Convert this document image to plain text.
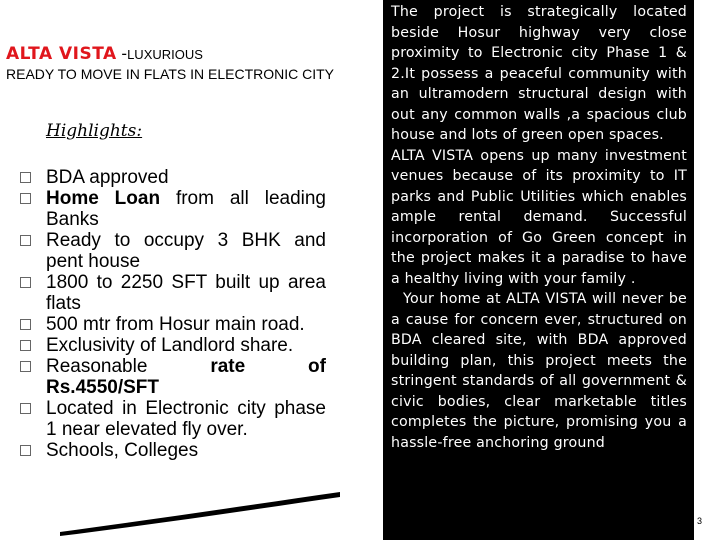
ALTA VISTA -LUXURIOUS
READY TO MOVE IN FLATS IN ELECTRONIC CITY
Highlights:
BDA approved
Home Loan from all leading Banks
Ready to occupy 3 BHK and pent house
1800 to 2250 SFT built up area flats
500 mtr from Hosur main road.
Exclusivity of Landlord share.
Reasonable rate of Rs.4550/SFT
Located in Electronic city phase 1 near elevated fly over.
Schools, Colleges

The project is strategically located beside Hosur highway very close proximity to Electronic city Phase 1 & 2.It possess a peaceful community with an ultramodern structural design with out any common walls ,a spacious club house and lots of green open spaces.

ALTA VISTA opens up many investment venues because of its proximity to IT parks and Public Utilities which enables ample rental demand. Successful incorporation of Go Green concept in the project makes it a paradise to have a healthy living with your family .

Your home at ALTA VISTA will never be a cause for concern ever, structured on BDA cleared site, with BDA approved building plan, this project meets the stringent standards of all government & civic bodies, clear marketable titles completes the picture, promising you a hassle-free anchoring ground

3
